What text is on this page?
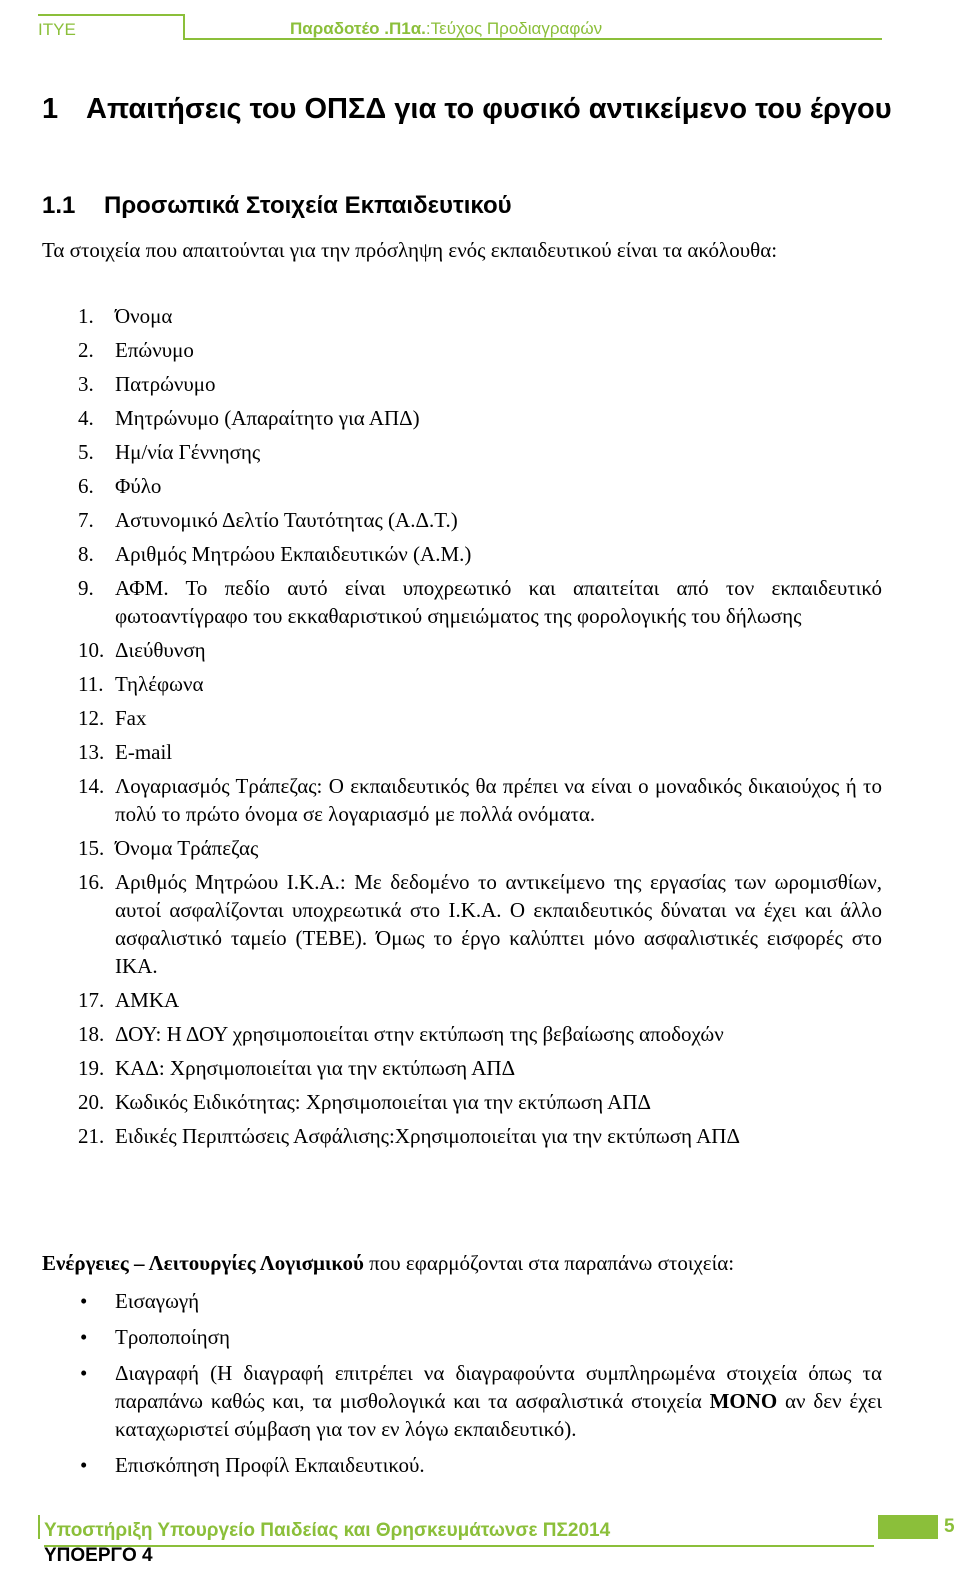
ITYE	Παραδοτέο .Π1α.:Τεύχος Προδιαγραφών
1 Απαιτήσεις του ΟΠΣΔ για το φυσικό αντικείμενο του έργου
1.1 Προσωπικά Στοιχεία Εκπαιδευτικού
Τα στοιχεία που απαιτούνται για την πρόσληψη ενός εκπαιδευτικού είναι τα ακόλουθα:
1. Όνομα
2. Επώνυμο
3. Πατρώνυμο
4. Μητρώνυμο (Απαραίτητο για ΑΠΔ)
5. Ημ/νία Γέννησης
6. Φύλο
7. Αστυνομικό Δελτίο Ταυτότητας (Α.Δ.Τ.)
8. Αριθμός Μητρώου Εκπαιδευτικών (Α.Μ.)
9. ΑΦΜ. Το πεδίο αυτό είναι υποχρεωτικό και απαιτείται από τον εκπαιδευτικό φωτοαντίγραφο του εκκαθαριστικού σημειώματος της φορολογικής του δήλωσης
10. Διεύθυνση
11. Τηλέφωνα
12. Fax
13. E-mail
14. Λογαριασμός Τράπεζας: Ο εκπαιδευτικός θα πρέπει να είναι ο μοναδικός δικαιούχος ή το πολύ το πρώτο όνομα σε λογαριασμό με πολλά ονόματα.
15. Όνομα Τράπεζας
16. Αριθμός Μητρώου Ι.Κ.Α.: Με δεδομένο το αντικείμενο της εργασίας των ωρομισθίων, αυτοί ασφαλίζονται υποχρεωτικά στο Ι.Κ.Α. Ο εκπαιδευτικός δύναται να έχει και άλλο ασφαλιστικό ταμείο (ΤΕΒΕ). Όμως το έργο καλύπτει μόνο ασφαλιστικές εισφορές στο ΙΚΑ.
17. ΑΜΚΑ
18. ΔΟΥ: Η ΔΟΥ χρησιμοποιείται στην εκτύπωση της βεβαίωσης αποδοχών
19. ΚΑΔ: Χρησιμοποιείται για την εκτύπωση ΑΠΔ
20. Κωδικός Ειδικότητας: Χρησιμοποιείται για την εκτύπωση ΑΠΔ
21. Ειδικές Περιπτώσεις Ασφάλισης:Χρησιμοποιείται για την εκτύπωση ΑΠΔ
Ενέργειες – Λειτουργίες Λογισμικού που εφαρμόζονται στα παραπάνω στοιχεία:
• Εισαγωγή
• Τροποποίηση
• Διαγραφή (Η διαγραφή επιτρέπει να διαγραφούντα συμπληρωμένα στοιχεία όπως τα παραπάνω καθώς και, τα μισθολογικά και τα ασφαλιστικά στοιχεία ΜΟΝΟ αν δεν έχει καταχωριστεί σύμβαση για τον εν λόγω εκπαιδευτικό).
• Επισκόπηση Προφίλ Εκπαιδευτικού.
Υποστήριξη Υπουργείο Παιδείας και Θρησκευμάτωνσε ΠΣ2014
ΥΠΟΕΡΓΟ 4
5
